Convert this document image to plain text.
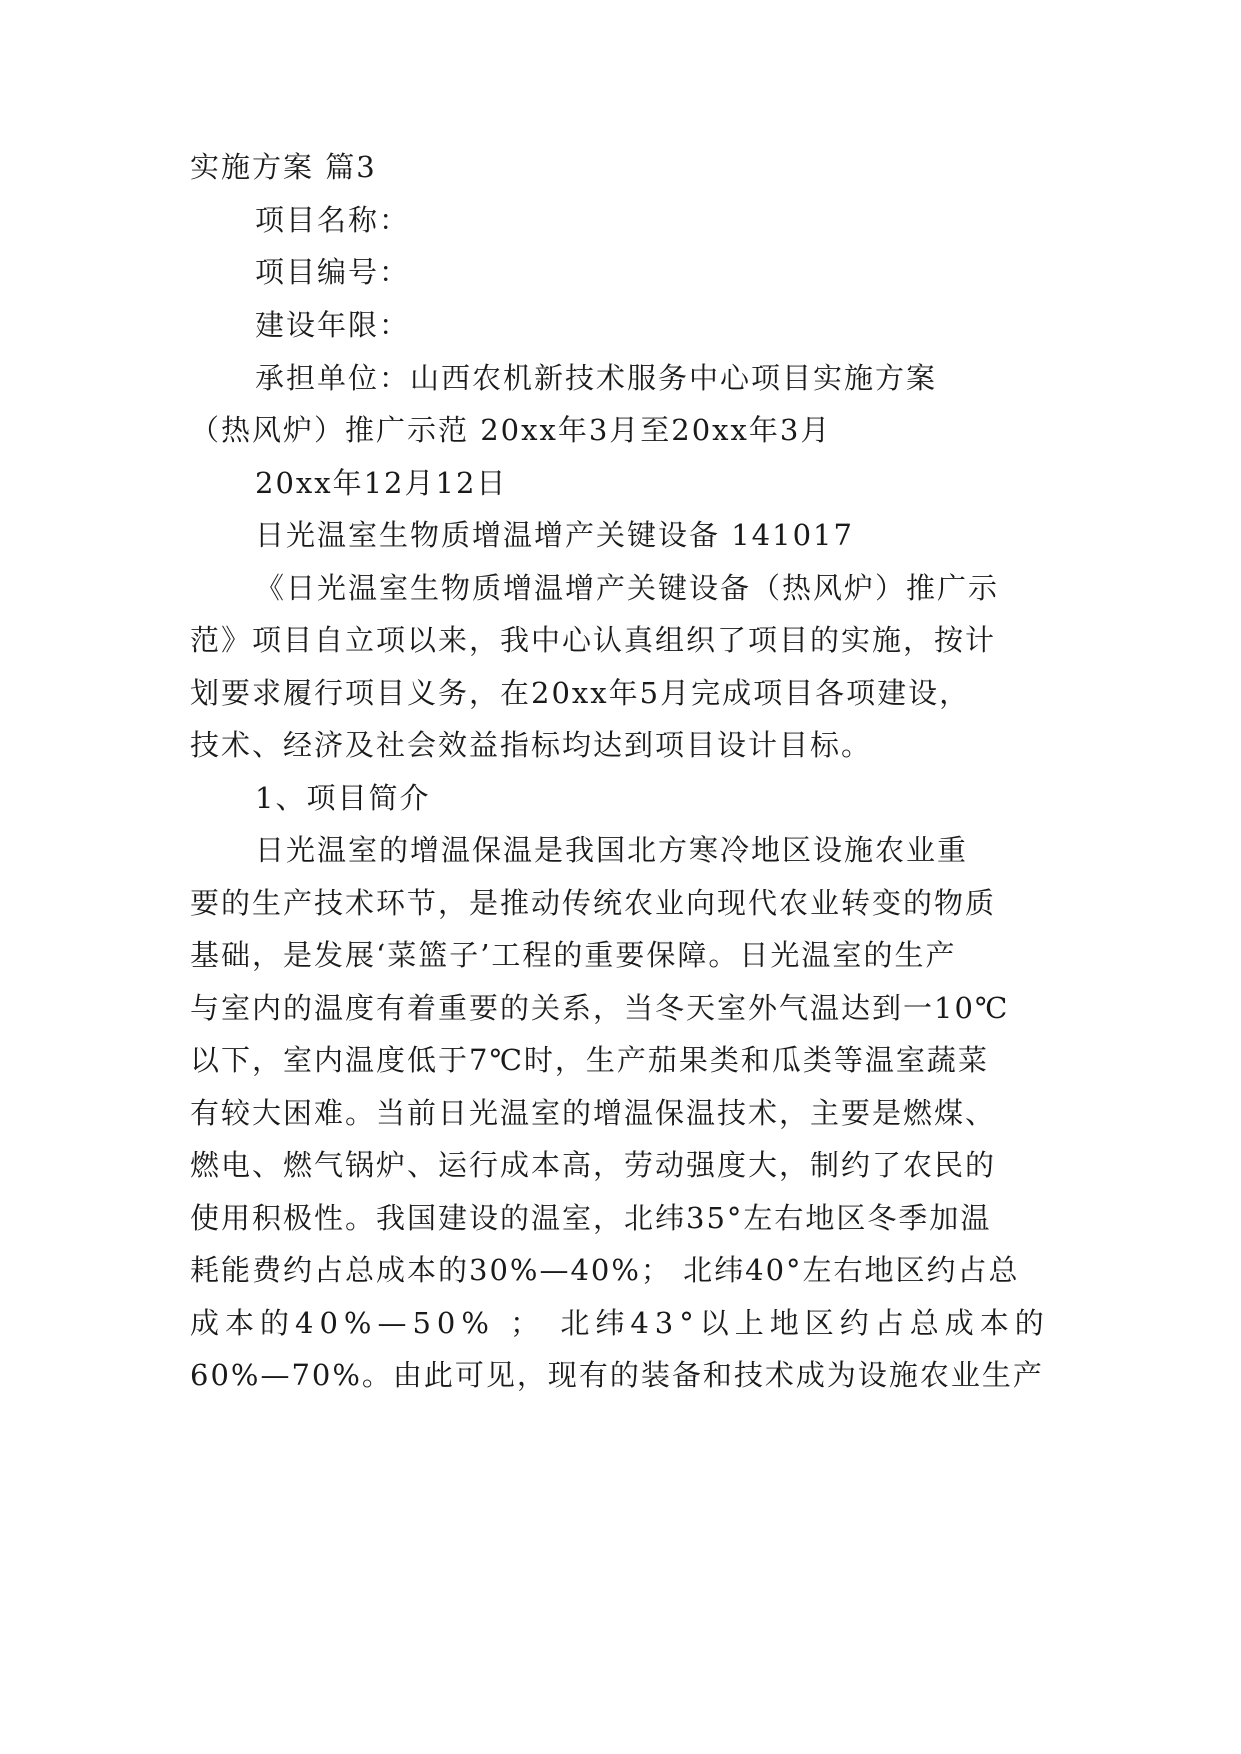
实施方案 篇3
项目名称：
项目编号：
建设年限：
承担单位：山西农机新技术服务中心项目实施方案
（热风炉）推广示范 20xx年3月至20xx年3月
20xx年12月12日
日光温室生物质增温增产关键设备 141017
《日光温室生物质增温增产关键设备（热风炉）推广示
范》项目自立项以来，我中心认真组织了项目的实施，按计
划要求履行项目义务，在20xx年5月完成项目各项建设，
技术、经济及社会效益指标均达到项目设计目标。
1、项目简介
日光温室的增温保温是我国北方寒冷地区设施农业重
要的生产技术环节，是推动传统农业向现代农业转变的物质
基础，是发展‘菜篮子’工程的重要保障。日光温室的生产
与室内的温度有着重要的关系，当冬天室外气温达到一10℃
以下，室内温度低于7℃时，生产茄果类和瓜类等温室蔬菜
有较大困难。当前日光温室的增温保温技术，主要是燃煤、
燃电、燃气锅炉、运行成本高，劳动强度大，制约了农民的
使用积极性。我国建设的温室，北纬35°左右地区冬季加温
耗能费约占总成本的30%—40%； 北纬40°左右地区约占总
成本的40%—50% ； 北纬43°以上地区约占总成本的
60%—70%。由此可见，现有的装备和技术成为设施农业生产
